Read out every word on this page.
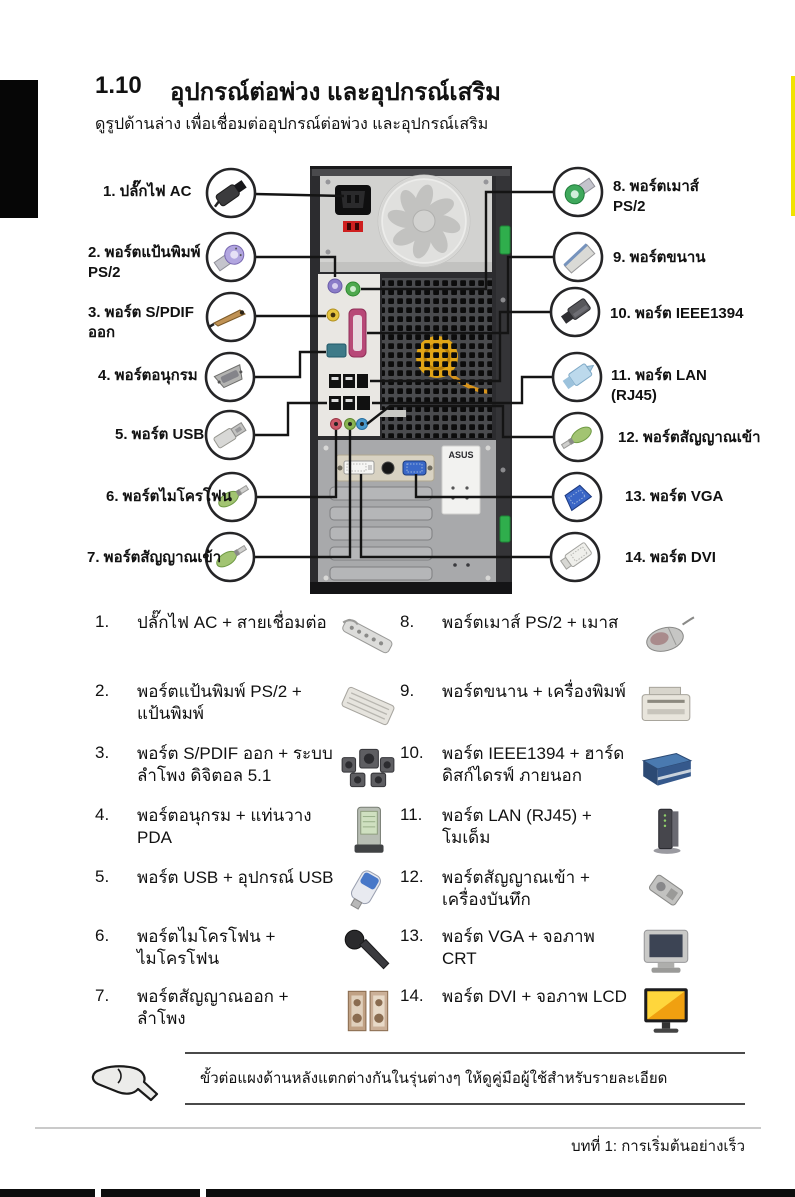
1.10 อุปกรณ์ต่อพ่วง และอุปกรณ์เสริม
ดูรูปด้านล่าง เพื่อเชื่อมต่ออุปกรณ์ต่อพ่วง และอุปกรณ์เสริม
ASUS
1. ปลั๊กไฟ AC
2. พอร์ตแป้นพิมพ์
PS/2
3. พอร์ต S/PDIF
ออก
4. พอร์ตอนุกรม
5. พอร์ต USB
6. พอร์ตไมโครโฟน
7. พอร์ตสัญญาณเข้า
8. พอร์ตเมาส์
PS/2
9. พอร์ตขนาน
10. พอร์ต IEEE1394
11. พอร์ต LAN
(RJ45)
12. พอร์ตสัญญาณเข้า
13. พอร์ต VGA
14. พอร์ต DVI
1.	ปลั๊กไฟ AC + สายเชื่อมต่อ
2.	พอร์ตแป้นพิมพ์ PS/2 + แป้นพิมพ์
3.	พอร์ต S/PDIF ออก + ระบบลำโพง ดิจิตอล 5.1
4.	พอร์ตอนุกรม + แท่นวาง PDA
5.	พอร์ต USB + อุปกรณ์ USB
6.	พอร์ตไมโครโฟน + ไมโครโฟน
7.	พอร์ตสัญญาณออก + ลำโพง
8.	พอร์ตเมาส์ PS/2 + เมาส
9.	พอร์ตขนาน + เครื่องพิมพ์
10.	พอร์ต IEEE1394 + ฮาร์ดดิสก์ไดรฟ์ ภายนอก
11.	พอร์ต LAN (RJ45) + โมเด็ม
12.	พอร์ตสัญญาณเข้า + เครื่องบันทึก
13.	พอร์ต VGA + จอภาพ CRT
14.	พอร์ต DVI + จอภาพ LCD
ขั้วต่อแผงด้านหลังแตกต่างกันในรุ่นต่างๆ ให้ดูคู่มือผู้ใช้สำหรับรายละเอียด
บทที่ 1: การเริ่มต้นอย่างเร็ว
